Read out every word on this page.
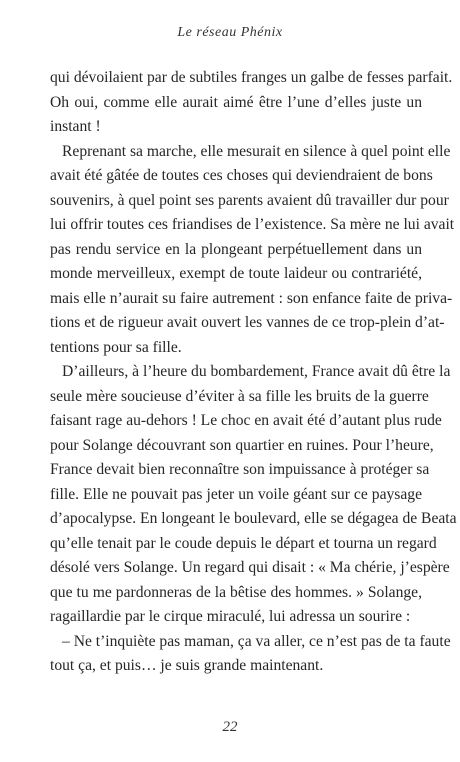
Le réseau Phénix
qui dévoilaient par de subtiles franges un galbe de fesses parfait.
Oh oui, comme elle aurait aimé être l’une d’elles juste un
instant !
Reprenant sa marche, elle mesurait en silence à quel point elle
avait été gâtée de toutes ces choses qui deviendraient de bons
souvenirs, à quel point ses parents avaient dû travailler dur pour
lui offrir toutes ces friandises de l’existence. Sa mère ne lui avait
pas rendu service en la plongeant perpétuellement dans un
monde merveilleux, exempt de toute laideur ou contrariété,
mais elle n’aurait su faire autrement : son enfance faite de priva-
tions et de rigueur avait ouvert les vannes de ce trop-plein d’at-
tentions pour sa fille.
D’ailleurs, à l’heure du bombardement, France avait dû être la
seule mère soucieuse d’éviter à sa fille les bruits de la guerre
faisant rage au-dehors ! Le choc en avait été d’autant plus rude
pour Solange découvrant son quartier en ruines. Pour l’heure,
France devait bien reconnaître son impuissance à protéger sa
fille. Elle ne pouvait pas jeter un voile géant sur ce paysage
d’apocalypse. En longeant le boulevard, elle se dégagea de Beata
qu’elle tenait par le coude depuis le départ et tourna un regard
désolé vers Solange. Un regard qui disait : « Ma chérie, j’espère
que tu me pardonneras de la bêtise des hommes. » Solange,
ragaillardie par le cirque miraculé, lui adressa un sourire :
– Ne t’inquiète pas maman, ça va aller, ce n’est pas de ta faute
tout ça, et puis… je suis grande maintenant.
22
